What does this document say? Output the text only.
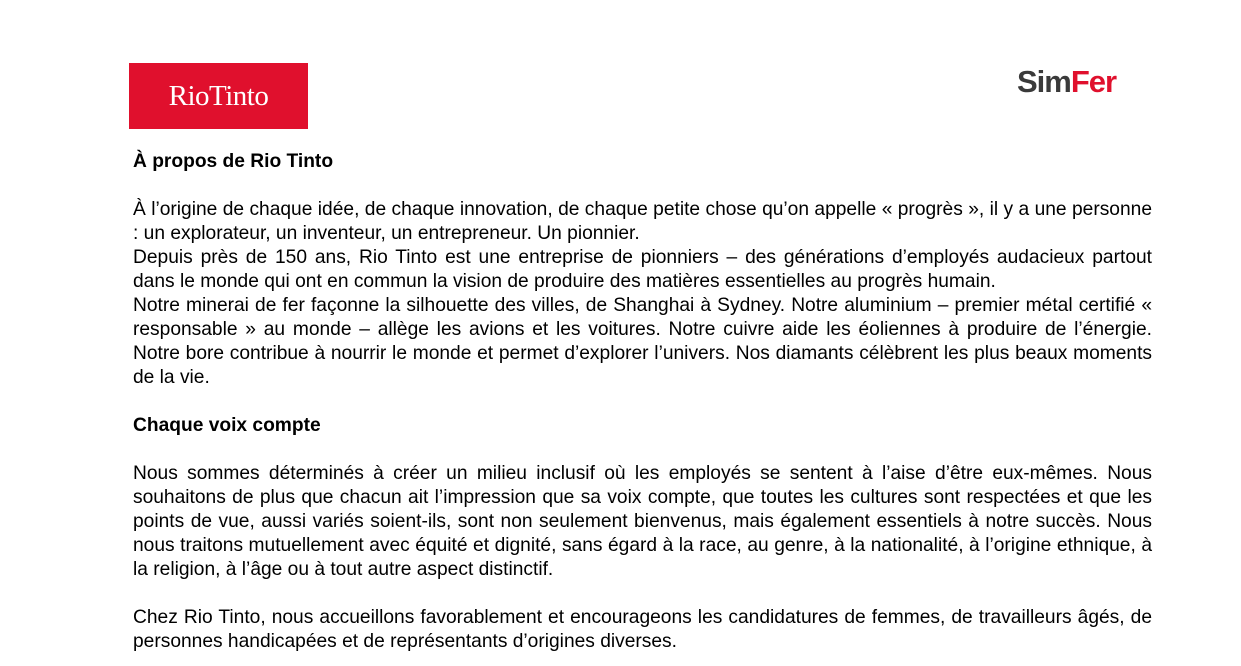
RioTinto	Sim Fer

À propos de Rio Tinto

À l’origine de chaque idée, de chaque innovation, de chaque petite chose qu’on appelle « progrès », il y a une personne : un explorateur, un inventeur, un entrepreneur. Un pionnier.

Depuis près de 150 ans, Rio Tinto est une entreprise de pionniers – des générations d’employés audacieux partout dans le monde qui ont en commun la vision de produire des matières essentielles au progrès humain.

Notre minerai de fer façonne la silhouette des villes, de Shanghai à Sydney. Notre aluminium – premier métal certifié « responsable » au monde – allège les avions et les voitures. Notre cuivre aide les éoliennes à produire de l’énergie. Notre bore contribue à nourrir le monde et permet d’explorer l’univers. Nos diamants célèbrent les plus beaux moments de la vie.

Chaque voix compte

Nous sommes déterminés à créer un milieu inclusif où les employés se sentent à l’aise d’être eux-mêmes. Nous souhaitons de plus que chacun ait l’impression que sa voix compte, que toutes les cultures sont respectées et que les points de vue, aussi variés soient-ils, sont non seulement bienvenus, mais également essentiels à notre succès. Nous nous traitons mutuellement avec équité et dignité, sans égard à la race, au genre, à la nationalité, à l’origine ethnique, à la religion, à l’âge ou à tout autre aspect distinctif.

Chez Rio Tinto, nous accueillons favorablement et encourageons les candidatures de femmes, de travailleurs âgés, de personnes handicapées et de représentants d’origines diverses.
